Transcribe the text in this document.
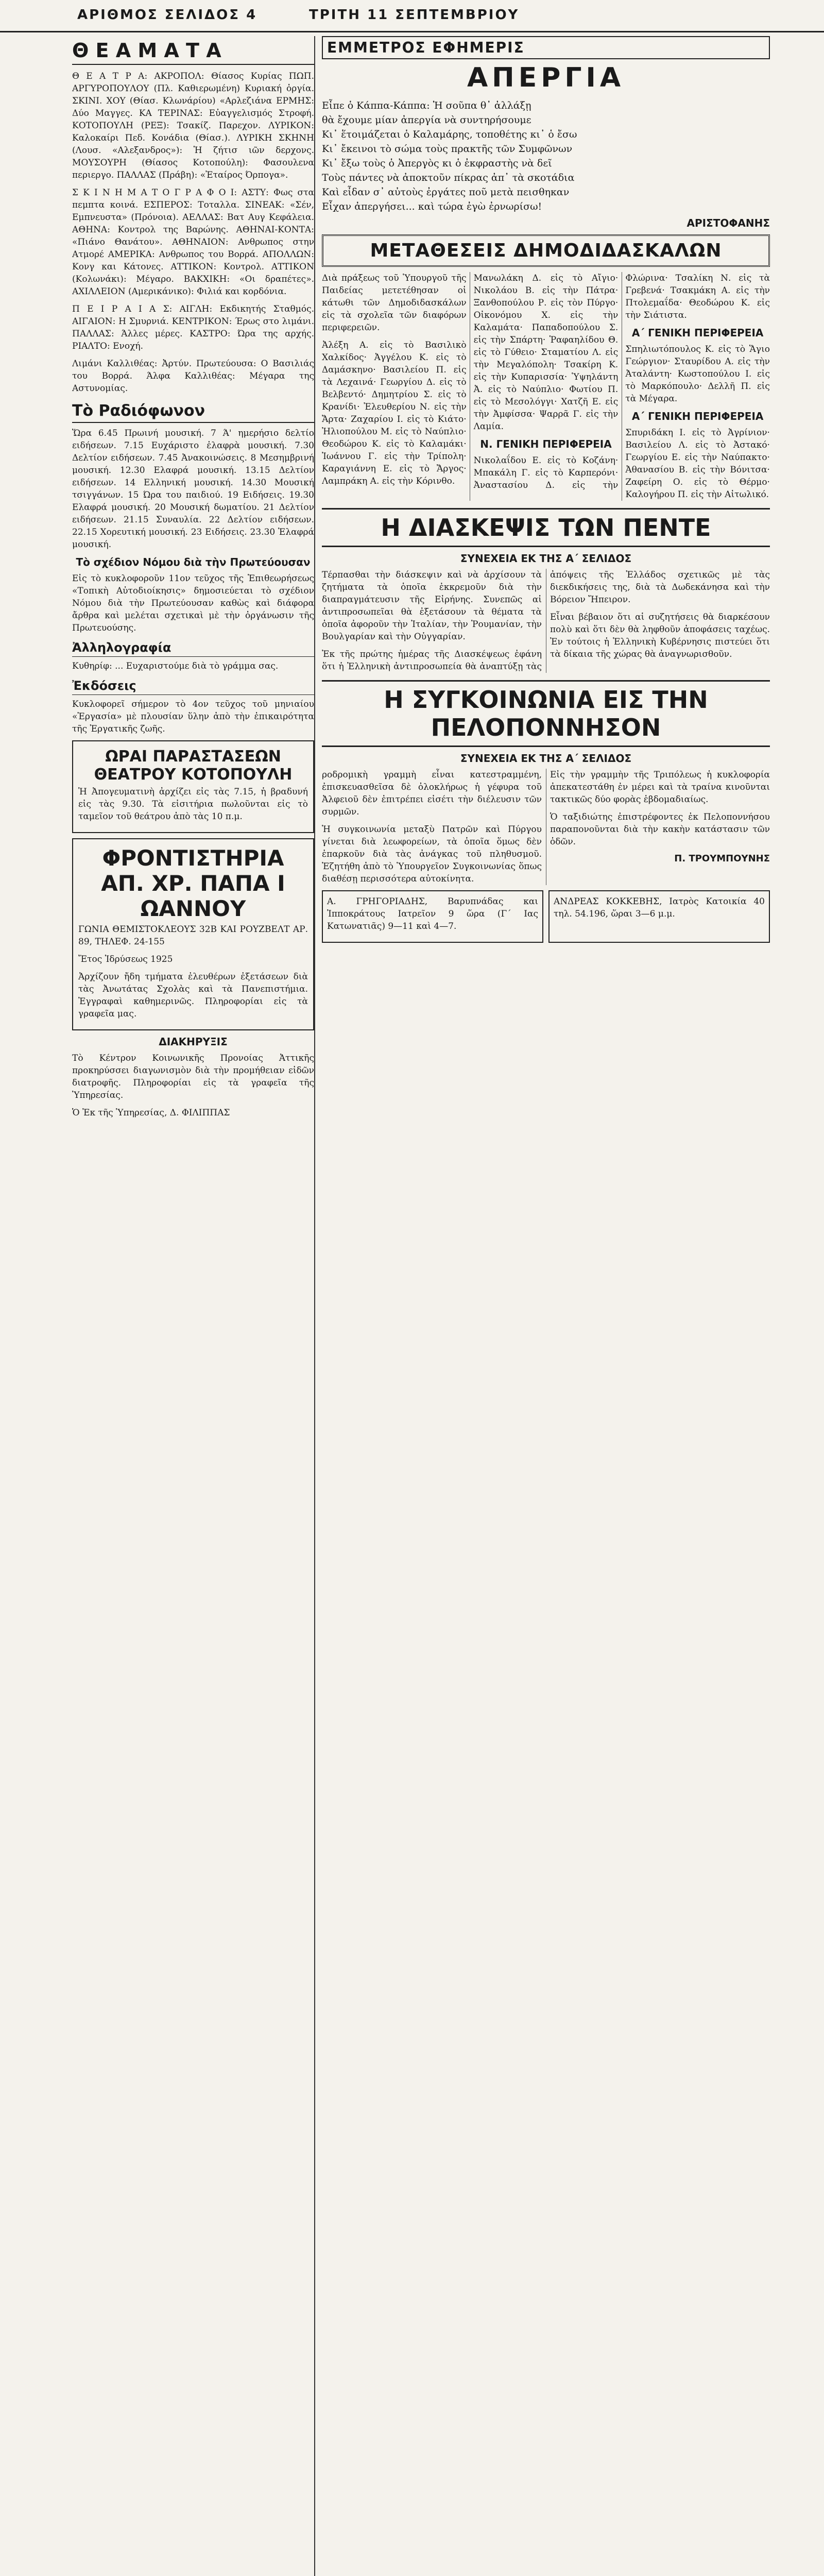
ΑΡΙΘΜΟΣ ΣΕΛΙΔΟΣ 4	ΤΡΙΤΗ 11 ΣΕΠΤΕΜΒΡΙΟΥ
Θ Ε Α Μ Α Τ Α

Θ Ε Α Τ Ρ Α: ΑΚΡΟΠΟΛ: Θίασος Κυρίας ΠΩΠ. ΑΡΓΥΡΟΠΟΥΛΟΥ (Πλ. Καθιερωμένη) Κυριακή ὀργία. ΣΚΙΝΙ. ΧΟΥ (Θίασ. Κλωνάρίου) «Αρλεζιάνα ΕΡΜΗΣ: Δύο Μαγγες. ΚΑ ΤΕΡΙΝΑΣ: Εὐαγγελισμός Στροφή. ΚΟΤΟΠΟΥΛΗ (ΡΕΞ): Τσακίζ. Παρεχον. ΛΥΡΙΚΟΝ: Καλοκαίρι Πεδ. Κονάδια (Θίασ.). ΛΥΡΙΚΗ ΣΚΗΝΗ (Λουσ. «Αλεξανδρος»): Ἡ ζήτισ ιῶν δερχονς. ΜΟΥΣΟΥΡΗ (Θίασος Κοτοπούλη): Φασουλενα περιεργο. ΠΑΛΛΑΣ (Πράβη): «Ἐταίρος Όρπογα».

Σ Κ Ι Ν Η Μ Α Τ Ο Γ Ρ Α Φ Ο Ι: ΑΣΤΥ: Φως στα πεμπτα κοινά. ΕΣΠΕΡΟΣ: Τοταλλα. ΣΙΝΕΑΚ: «Σέν, Εμπνευστα» (Πρόνοια). ΑΕΛΛΑΣ: Βατ Αυγ Κεφάλεια. ΑΘΗΝΑ: Κοντρολ της Βαρώνης. ΑΘΗΝΑΙ-ΚΟΝΤΑ: «Πιάνο Θανάτου». ΑΘΗΝΑΙΟΝ: Ανθρωπος στην Ατμορέ ΑΜΕΡΙΚΑ: Ανθρωπος του Βορρά. ΑΠΟΛΛΩΝ: Κονγ και Κάτονες. ΑΤΤΙΚΟΝ: Κοντρολ. ΑΤΤΙΚΟΝ (Κολωνάκι): Μέγαρο. ΒΑΚΧΙΚΗ: «Οι δραπέτες». ΑΧΙΛΛΕΙΟΝ (Αμερικάνικο): Φιλιά και κορδόνια.

Π Ε Ι Ρ Α Ι Α Σ: ΑΙΓΛΗ: Εκδικητής Σταθμός. ΑΙΓΑΙΟΝ: Η Σμυρνιά. ΚΕΝΤΡΙΚΟΝ: Έρως στο λιμάνι. ΠΑΛΛΑΣ: Άλλες μέρες. ΚΑΣΤΡΟ: Ώρα της αρχής. ΡΙΑΛΤΟ: Ενοχή.

Λιμάνι Καλλιθέας: Ἀρτύν. Πρωτεύουσα: Ο Βασιλιάς του Βορρά. Άλφα Καλλιθέας: Μέγαρα της Αστυνομίας.

Τὸ Ραδιόφωνον

Ὥρα 6.45 Πρωινή μουσική. 7 Ά' ημερήσιο δελτίο ειδήσεων. 7.15 Ευχάριστο ἐλαφρὰ μουσική. 7.30 Δελτίον ειδήσεων. 7.45 Ἀνακοινώσεις. 8 Μεσημβρινή μουσική. 12.30 Ελαφρά μουσική. 13.15 Δελτίον ειδήσεων. 14 Ελληνική μουσική. 14.30 Μουσική τσιγγάνων. 15 Ώρα του παιδιού. 19 Ειδήσεις. 19.30 Ελαφρά μουσική. 20 Μουσική δωματίου. 21 Δελτίον ειδήσεων. 21.15 Συναυλία. 22 Δελτίον ειδήσεων. 22.15 Χορευτική μουσική. 23 Ειδήσεις. 23.30 Ἑλαφρά μουσική.

Τὸ σχέδιον Νόμου διὰ τὴν Πρωτεύουσαν

Εἰς τὸ κυκλοφοροῦν 11ον τεῦχος τῆς Ἑπιθεωρήσεως «Τοπικὴ Αὐτοδιοίκησις» δημοσιεύεται τὸ σχέδιον Νόμου διὰ τὴν Πρωτεύουσαν καθὼς καὶ διάφορα ἄρθρα καὶ μελέται σχετικαὶ μὲ τὴν ὀργάνωσιν τῆς Πρωτευούσης.

Ἀλληλογραφία

Κυθηρίφ: ... Ευχαριστούμε διὰ τὸ γράμμα σας.

Ἐκδόσεις

Κυκλοφορεῖ σήμερον τὸ 4ον τεῦχος τοῦ μηνιαίου «Ἐργασία» μὲ πλουσίαν ὕλην ἀπὸ τὴν ἐπικαιρότητα τῆς Ἐργατικῆς ζωῆς.

ΩΡΑΙ ΠΑΡΑΣΤΑΣΕΩΝ ΘΕΑΤΡΟΥ ΚΟΤΟΠΟΥΛΗ

Ἡ Ἀπογευματινὴ ἀρχίζει εἰς τὰς 7.15, ἡ βραδυνή εἰς τὰς 9.30. Τὰ εἰσιτήρια πωλοῦνται εἰς τὸ ταμεῖον τοῦ θεάτρου ἀπὸ τὰς 10 π.μ.

ΦΡΟΝΤΙΣΤΗΡΙΑ ΑΠ. ΧΡ. ΠΑΠΑ Ι ΩΑΝΝΟΥ

ΓΩΝΙΑ ΘΕΜΙΣΤΟΚΛΕΟΥΣ 32Β ΚΑΙ ΡΟΥΖΒΕΛΤ ΑΡ. 89, ΤΗΛΕΦ. 24-155

Ἔτος Ἱδρύσεως 1925

Ἀρχίζουν ἤδη τμήματα ἐλευθέρων ἐξετάσεων διὰ τὰς Ἀνωτάτας Σχολὰς καὶ τὰ Πανεπιστήμια. Ἐγγραφαὶ καθημερινῶς. Πληροφορίαι εἰς τὰ γραφεῖα μας.

ΔΙΑΚΗΡΥΞΙΣ

Τὸ Κέντρον Κοινωνικῆς Προνοίας Ἀττικῆς προκηρύσσει διαγωνισμὸν διὰ τὴν προμήθειαν εἰδῶν διατροφῆς. Πληροφορίαι εἰς τὰ γραφεῖα τῆς Ὑπηρεσίας.

Ὁ Ἐκ τῆς Ὑπηρεσίας, Δ. ΦΙΛΙΠΠΑΣ

ΕΜΜΕΤΡΟΣ ΕΦΗΜΕΡΙΣ
ΑΠΕΡΓΙΑ

Εἶπε ὁ Κάππα-Κάππα: Ἡ σοῦπα θ᾿ ἀλλάξῃ

θὰ ἔχουμε μίαν ἀπεργία νὰ συντηρήσουμε

Κι᾿ ἕτοιμάζεται ὁ Καλαμάρης, τοποθέτης κι᾿ ὁ ἔσω

Κι᾿ ἔκεινοι τὸ σώμα τοὺς πρακτῆς τῶν Συμφῶνων

Κι᾿ ἔξω τοὺς ὁ Ἀπεργὸς κι ὁ ἐκφραστὴς νὰ δεῖ

Τοὺς πάντες νὰ ἀποκτοῦν πίκρας ἀπ᾿ τὰ σκοτάδια

Καὶ εἶδαν σ᾿ αὐτοὺς ἐργάτες ποῦ μετὰ πεισθηκαν

Εἶχαν ἀπεργήσει... καὶ τώρα ἐγὼ ἐρνωρίσω!

ΑΡΙΣΤΟΦΑΝΗΣ
ΜΕΤΑΘΕΣΕΙΣ ΔΗΜΟΔΙΔΑΣΚΑΛΩΝ

Διὰ πράξεως τοῦ Ὑπουργοῦ τῆς Παιδείας μετετέθησαν οἱ κάτωθι τῶν Δημοδιδασκάλων εἰς τὰ σχολεῖα τῶν διαφόρων περιφερειῶν.

Ἀλέξη Α. εἰς τὸ Βασιλικὸ Χαλκίδος· Ἀγγέλου Κ. εἰς τὸ Δαμάσκηνο· Βασιλείου Π. εἰς τὰ Λεχαινά· Γεωργίου Δ. εἰς τὸ Βελβεντό· Δημητρίου Σ. εἰς τὸ Κρανίδι· Ἐλευθερίου Ν. εἰς τὴν Ἄρτα· Ζαχαρίου Ι. εἰς τὸ Κιάτο· Ἠλιοπούλου Μ. εἰς τὸ Ναύπλιο· Θεοδώρου Κ. εἰς τὸ Καλαμάκι· Ἰωάννου Γ. εἰς τὴν Τρίπολη· Καραγιάννη Ε. εἰς τὸ Ἄργος· Λαμπράκη Α. εἰς τὴν Κόρινθο.

Μανωλάκη Δ. εἰς τὸ Αἴγιο· Νικολάου Β. εἰς τὴν Πάτρα· Ξανθοπούλου Ρ. εἰς τὸν Πύργο· Οἰκονόμου Χ. εἰς τὴν Καλαμάτα· Παπαδοπούλου Σ. εἰς τὴν Σπάρτη· Ῥαφαηλίδου Θ. εἰς τὸ Γύθειο· Σταματίου Λ. εἰς τὴν Μεγαλόπολη· Τσακίρη Κ. εἰς τὴν Κυπαρισσία· Ὑψηλάντη Ἀ. εἰς τὸ Ναύπλιο· Φωτίου Π. εἰς τὸ Μεσολόγγι· Χατζῆ Ε. εἰς τὴν Ἀμφίσσα· Ψαρρᾶ Γ. εἰς τὴν Λαμία.

Ν. ΓΕΝΙΚΗ ΠΕΡΙΦΕΡΕΙΑ

Νικολαΐδου Ε. εἰς τὸ Κοζάνη· Μπακάλη Γ. εἰς τὸ Καρπερόνι· Ἀναστασίου Δ. εἰς τὴν Φλώρινα· Τσαλίκη Ν. εἰς τὰ Γρεβενά· Τσακμάκη Α. εἰς τὴν Πτολεμαΐδα· Θεοδώρου Κ. εἰς τὴν Σιάτιστα.

Α΄ ΓΕΝΙΚΗ ΠΕΡΙΦΕΡΕΙΑ

Σπηλιωτόπουλος Κ. εἰς τὸ Ἅγιο Γεώργιον· Σταυρίδου Α. εἰς τὴν Ἀταλάντη· Κωστοπούλου Ι. εἰς τὸ Μαρκόπουλο· Δελλῆ Π. εἰς τὰ Μέγαρα.

Α΄ ΓΕΝΙΚΗ ΠΕΡΙΦΕΡΕΙΑ

Σπυριδάκη Ι. εἰς τὸ Ἀγρίνιον· Βασιλείου Λ. εἰς τὸ Ἀστακό· Γεωργίου Ε. εἰς τὴν Ναύπακτο· Ἀθανασίου Β. εἰς τὴν Βόνιτσα· Ζαφείρη Ο. εἰς τὸ Θέρμο· Καλογήρου Π. εἰς τὴν Αἰτωλικό.

Η ΔΙΑΣΚΕΨΙΣ ΤΩΝ ΠΕΝΤΕ
ΣΥΝΕΧΕΙΑ ΕΚ ΤΗΣ Α΄ ΣΕΛΙΔΟΣ

Τέρπασθαι τὴν διάσκεψιν καὶ νὰ ἀρχίσουν τὰ ζητήματα τὰ ὁποῖα ἐκκρεμοῦν διὰ τὴν διαπραγμάτευσιν τῆς Εἰρήνης. Συνεπῶς αἱ ἀντιπροσωπεῖαι θὰ ἐξετάσουν τὰ θέματα τὰ ὁποῖα ἀφοροῦν τὴν Ἰταλίαν, τὴν Ῥουμανίαν, τὴν Βουλγαρίαν καὶ τὴν Οὑγγαρίαν.

Ἐκ τῆς πρώτης ἡμέρας τῆς Διασκέψεως ἐφάνη ὅτι ἡ Ἑλληνικὴ ἀντιπροσωπεία θὰ ἀναπτύξῃ τὰς ἀπόψεις τῆς Ἑλλάδος σχετικῶς μὲ τὰς διεκδικήσεις της, διὰ τὰ Δωδεκάνησα καὶ τὴν Βόρειον Ἤπειρον.

Εἶναι βέβαιον ὅτι αἱ συζητήσεις θὰ διαρκέσουν πολὺ καὶ ὅτι δὲν θὰ ληφθοῦν ἀποφάσεις ταχέως. Ἐν τούτοις ἡ Ἑλληνικὴ Κυβέρνησις πιστεύει ὅτι τὰ δίκαια τῆς χώρας θὰ ἀναγνωρισθοῦν.

Η ΣΥΓΚΟΙΝΩΝΙΑ ΕΙΣ ΤΗΝ ΠΕΛΟΠΟΝΝΗΣΟΝ
ΣΥΝΕΧΕΙΑ ΕΚ ΤΗΣ Α΄ ΣΕΛΙΔΟΣ

ροδρομικὴ γραμμὴ εἶναι κατεστραμμένη, ἐπισκευασθεῖσα δὲ ὀλοκλήρως ἡ γέφυρα τοῦ Ἀλφειοῦ δὲν ἐπιτρέπει εἰσέτι τὴν διέλευσιν τῶν συρμῶν.

Ἡ συγκοινωνία μεταξὺ Πατρῶν καὶ Πύργου γίνεται διὰ λεωφορείων, τὰ ὁποῖα ὅμως δὲν ἐπαρκοῦν διὰ τὰς ἀνάγκας τοῦ πληθυσμοῦ. Ἐζητήθη ἀπὸ τὸ Ὑπουργεῖον Συγκοινωνίας ὅπως διαθέσῃ περισσότερα αὐτοκίνητα.

Εἰς τὴν γραμμὴν τῆς Τριπόλεως ἡ κυκλοφορία ἀπεκατεστάθη ἐν μέρει καὶ τὰ τραίνα κινοῦνται τακτικῶς δύο φορὰς ἑβδομαδιαίως.

Ὁ ταξιδιώτης ἐπιστρέφοντες ἐκ Πελοποννήσου παραπονοῦνται διὰ τὴν κακὴν κατάστασιν τῶν ὁδῶν.

Π. ΤΡΟΥΜΠΟΥΝΗΣ

Α. ΓΡΗΓΟΡΙΑΔΗΣ, Βαρυπνάδας και Ἰπποκράτους Ιατρεῖον 9 ὥρα (Γ΄ Ιας Κατωνατιᾶς) 9—11 καὶ 4—7.

ΑΝΔΡΕΑΣ ΚΟΚΚΕΒΗΣ, Ιατρὸς Κατοικία 40 τηλ. 54.196, ὥραι 3—6 μ.μ.
